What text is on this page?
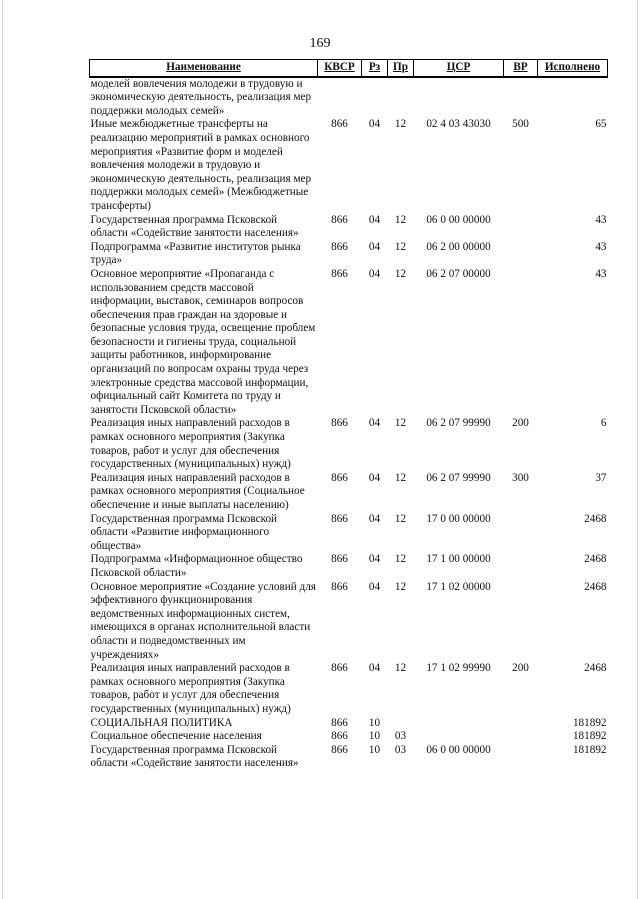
169
Наименование	КВСР	Рз	Пр	ЦСР	ВР	Исполнено
моделей вовлечения молодежи в трудовую и экономическую деятельность, реализация мер поддержки молодых семей»						
Иные межбюджетные трансферты на реализацию мероприятий в рамках основного мероприятия «Развитие форм и моделей вовлечения молодежи в трудовую и экономическую деятельность, реализация мер поддержки молодых семей» (Межбюджетные трансферты)	866	04	12	02 4 03 43030	500	65
Государственная программа Псковской области «Содействие занятости населения»	866	04	12	06 0 00 00000		43
Подпрограмма «Развитие институтов рынка труда»	866	04	12	06 2 00 00000		43
Основное мероприятие «Пропаганда с использованием средств массовой информации, выставок, семинаров вопросов обеспечения прав граждан на здоровые и безопасные условия труда, освещение проблем безопасности и гигиены труда, социальной защиты работников, информирование организаций по вопросам охраны труда через электронные средства массовой информации, официальный сайт Комитета по труду и занятости Псковской области»	866	04	12	06 2 07 00000		43
Реализация иных направлений расходов в рамках основного мероприятия (Закупка товаров, работ и услуг для обеспечения государственных (муниципальных) нужд)	866	04	12	06 2 07 99990	200	6
Реализация иных направлений расходов в рамках основного мероприятия (Социальное обеспечение и иные выплаты населению)	866	04	12	06 2 07 99990	300	37
Государственная программа Псковской области «Развитие информационного общества»	866	04	12	17 0 00 00000		2468
Подпрограмма «Информационное общество Псковской области»	866	04	12	17 1 00 00000		2468
Основное мероприятие «Создание условий для эффективного функционирования ведомственных информационных систем, имеющихся в органах исполнительной власти области и подведомственных им учреждениях»	866	04	12	17 1 02 00000		2468
Реализация иных направлений расходов в рамках основного мероприятия (Закупка товаров, работ и услуг для обеспечения государственных (муниципальных) нужд)	866	04	12	17 1 02 99990	200	2468
СОЦИАЛЬНАЯ ПОЛИТИКА	866	10				181892
Социальное обеспечение населения	866	10	03			181892
Государственная программа Псковской области «Содействие занятости населения»	866	10	03	06 0 00 00000		181892
